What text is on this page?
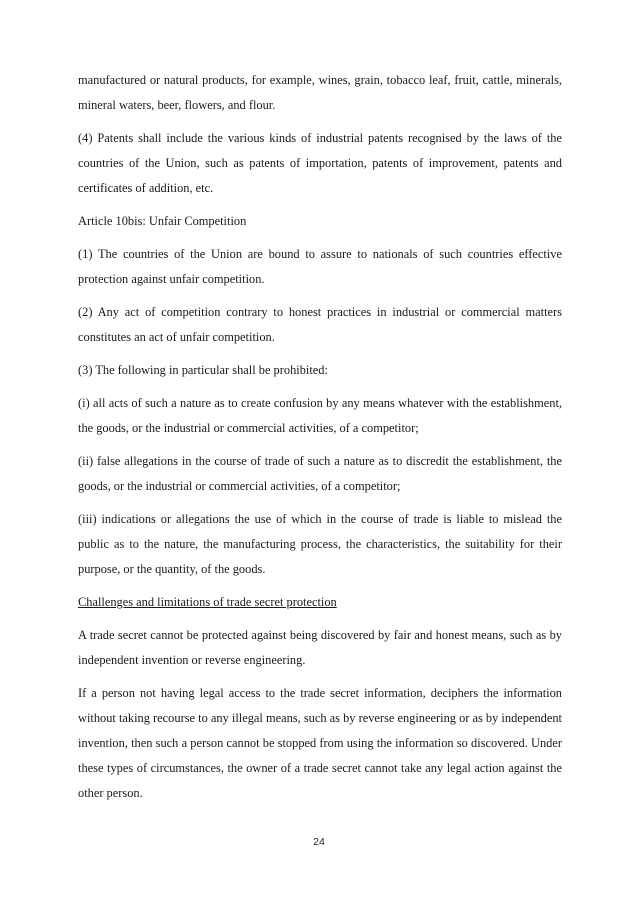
manufactured or natural products, for example, wines, grain, tobacco leaf, fruit, cattle, minerals, mineral waters, beer, flowers, and flour.

(4) Patents shall include the various kinds of industrial patents recognised by the laws of the countries of the Union, such as patents of importation, patents of improvement, patents and certificates of addition, etc.

Article 10bis: Unfair Competition

(1) The countries of the Union are bound to assure to nationals of such countries effective protection against unfair competition.

(2) Any act of competition contrary to honest practices in industrial or commercial matters constitutes an act of unfair competition.

(3) The following in particular shall be prohibited:

(i) all acts of such a nature as to create confusion by any means whatever with the establishment, the goods, or the industrial or commercial activities, of a competitor;

(ii) false allegations in the course of trade of such a nature as to discredit the establishment, the goods, or the industrial or commercial activities, of a competitor;

(iii) indications or allegations the use of which in the course of trade is liable to mislead the public as to the nature, the manufacturing process, the characteristics, the suitability for their purpose, or the quantity, of the goods.

Challenges and limitations of trade secret protection

A trade secret cannot be protected against being discovered by fair and honest means, such as by independent invention or reverse engineering.

If a person not having legal access to the trade secret information, deciphers the information without taking recourse to any illegal means, such as by reverse engineering or as by independent invention, then such a person cannot be stopped from using the information so discovered. Under these types of circumstances, the owner of a trade secret cannot take any legal action against the other person.

24
